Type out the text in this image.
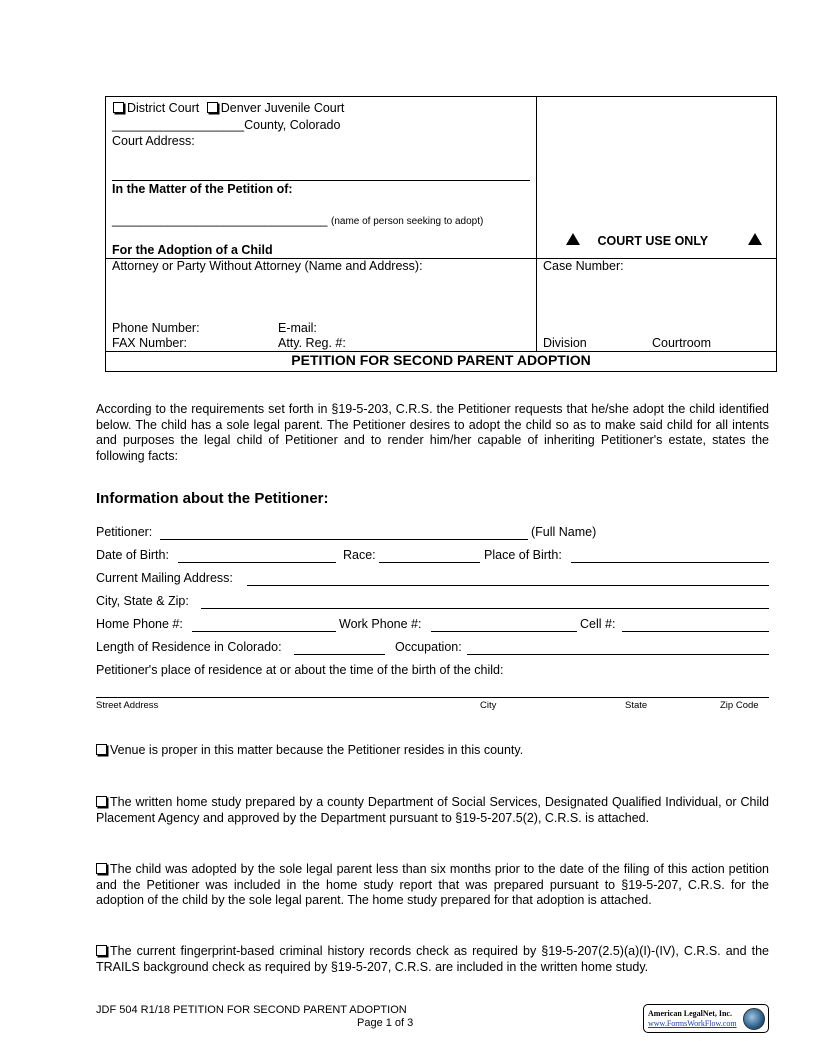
District Court Denver Juvenile Court
___________________County, Colorado
Court Address:
In the Matter of the Petition of:
_______________________________ (name of person seeking to adopt)
For the Adoption of a Child
COURT USE ONLY
Attorney or Party Without Attorney (Name and Address):
Phone Number:	E-mail:
FAX Number:	Atty. Reg. #:
Case Number:
Division	Courtroom
PETITION FOR SECOND PARENT ADOPTION

According to the requirements set forth in §19-5-203, C.R.S. the Petitioner requests that he/she adopt the child identified below. The child has a sole legal parent. The Petitioner desires to adopt the child so as to make said child for all intents and purposes the legal child of Petitioner and to render him/her capable of inheriting Petitioner's estate, states the following facts:

Information about the Petitioner:
Petitioner:	(Full Name)
Date of Birth:	Race:	Place of Birth:
Current Mailing Address:
City, State & Zip:
Home Phone #:	Work Phone #:	Cell #:
Length of Residence in Colorado:	Occupation:
Petitioner's place of residence at or about the time of the birth of the child:
Street Address	City	State	Zip Code

Venue is proper in this matter because the Petitioner resides in this county.

The written home study prepared by a county Department of Social Services, Designated Qualified Individual, or Child Placement Agency and approved by the Department pursuant to §19-5-207.5(2), C.R.S. is attached.

The child was adopted by the sole legal parent less than six months prior to the date of the filing of this action petition and the Petitioner was included in the home study report that was prepared pursuant to §19-5-207, C.R.S. for the adoption of the child by the sole legal parent. The home study prepared for that adoption is attached.

The current fingerprint-based criminal history records check as required by §19-5-207(2.5)(a)(I)-(IV), C.R.S. and the TRAILS background check as required by §19-5-207, C.R.S. are included in the written home study.

JDF 504 R1/18 PETITION FOR SECOND PARENT ADOPTION
Page 1 of 3
American LegalNet, Inc.
www.FormsWorkFlow.com
